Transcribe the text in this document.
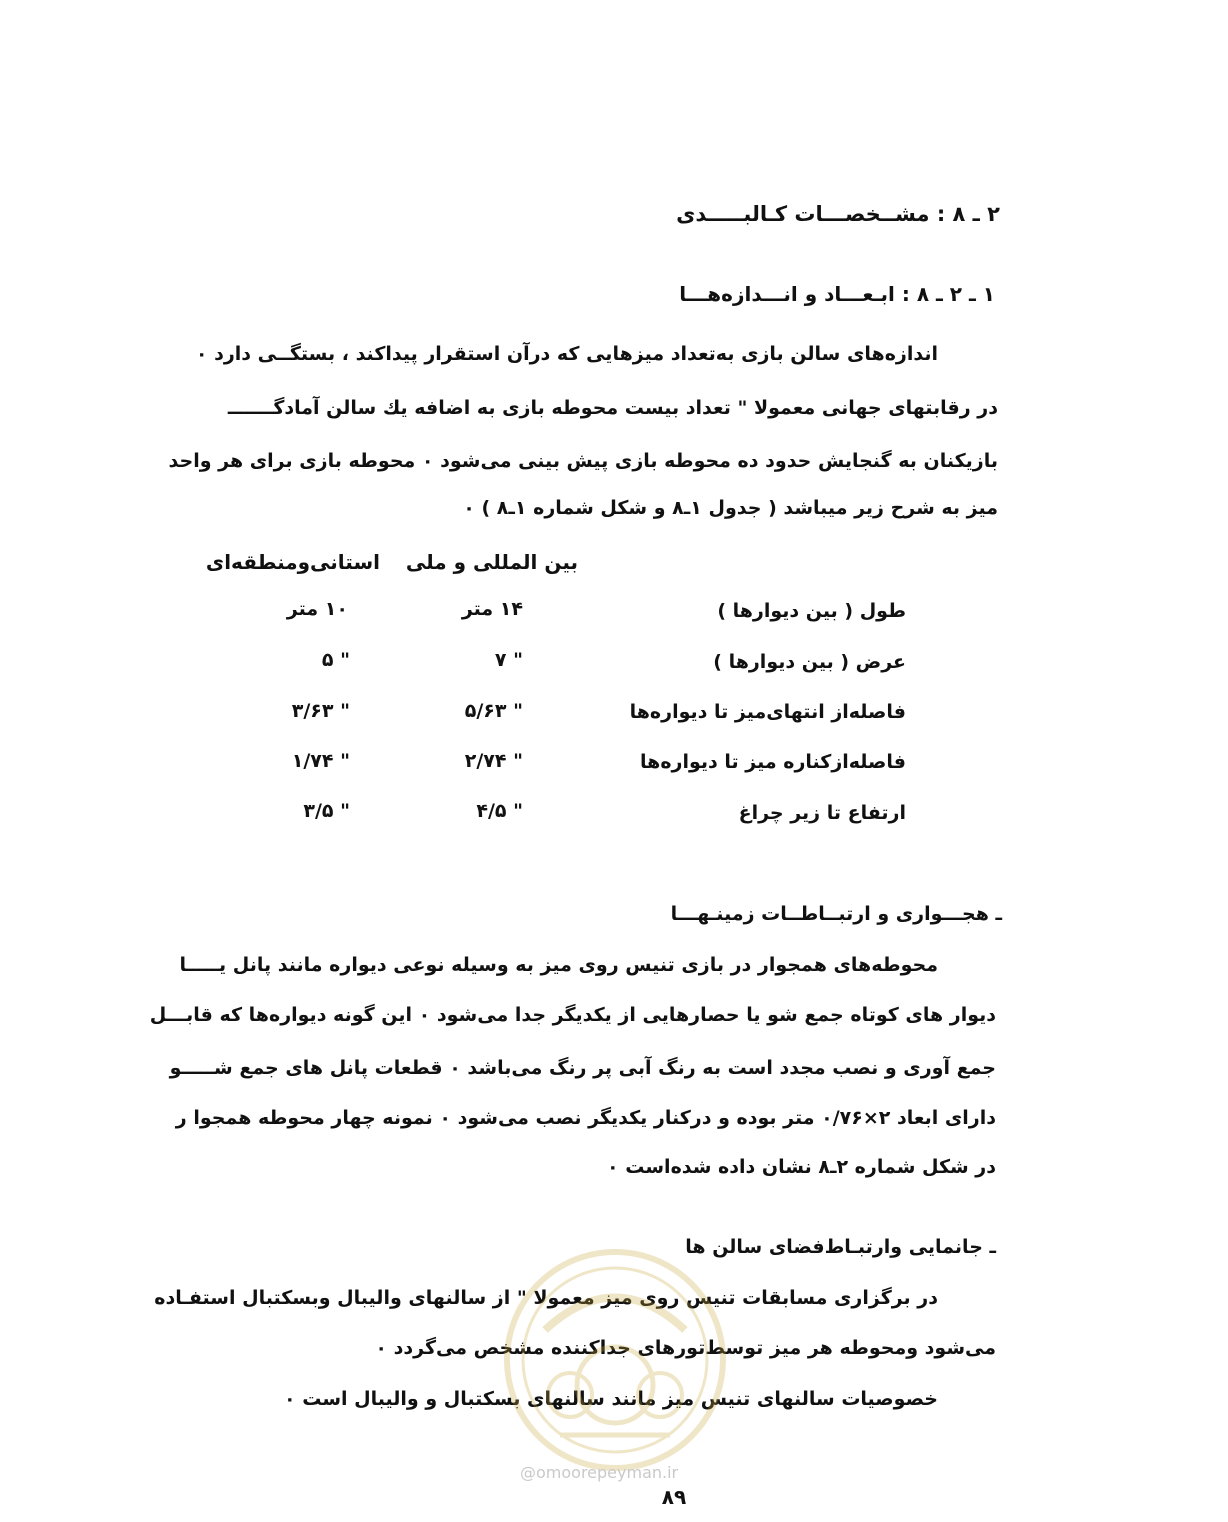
۲ ـ ۸ : مشــخصـــات کـالبـــــدی
۱ ـ ۲ ـ ۸ : ابـعـــاد و انـــدازه‌هـــا
اندازه‌های سالن بازی به‌تعداد میزهایی که درآن استقرار پیداکند ، بستگــی دارد ۰
در رقابتهای جهانی معمولا " تعداد بیست محوطه بازی به اضافه یك سالن آمادگـــــــ
بازیکنان به گنجایش حدود ده محوطه بازی پیش بینی می‌شود ۰ محوطه بازی برای هر واحد
میز به شرح زیر میباشد ( جدول ۱ـ۸ و شکل شماره ۱ـ۸ ) ۰
بین المللی و ملی
استانی‌ومنطقه‌ای
طول ( بین دیوارها )
۱۴ متر
۱۰ متر
عرض ( بین دیوارها )
۷ "
۵ "
فاصله‌از انتهای‌میز تا دیواره‌ها
۵/۶۳ "
۳/۶۳ "
فاصله‌ازکناره میز تا دیواره‌ها
۲/۷۴ "
۱/۷۴ "
ارتفاع تا زیر چراغ
۴/۵ "
۳/۵ "
ـ هجـــواری و ارتبــاطــات زمینـهـــا
محوطه‌های همجوار در بازی تنیس روی میز به وسیله نوعی دیواره مانند پانل یـــــا
دیوار های کوتاه جمع شو یا حصارهایی از یکدیگر جدا می‌شود ۰ این گونه دیواره‌ها که قابـــل
جمع آوری و نصب مجدد است به رنگ آبی پر رنگ می‌باشد ۰ قطعات پانل های جمع شـــــو
دارای ابعاد ۲×۰/۷۶ متر بوده و درکنار یکدیگر نصب می‌شود ۰ نمونه چهار محوطه همجوا ر
در شکل شماره ۲ـ۸ نشان داده شده‌است ۰
ـ جانمایی وارتبـاط‌فضای سالن ها
در برگزاری مسابقات تنیس روی میز معمولا " از سالنهای والیبال وبسکتبال استفـاده
می‌شود ومحوطه هر میز توسط‌تورهای جداکننده مشخص می‌گردد ۰
خصوصیات سالنهای تنیس میز مانند سالنهای بسکتبال و والیبال است ۰
@omoorepeyman.ir
۸۹
